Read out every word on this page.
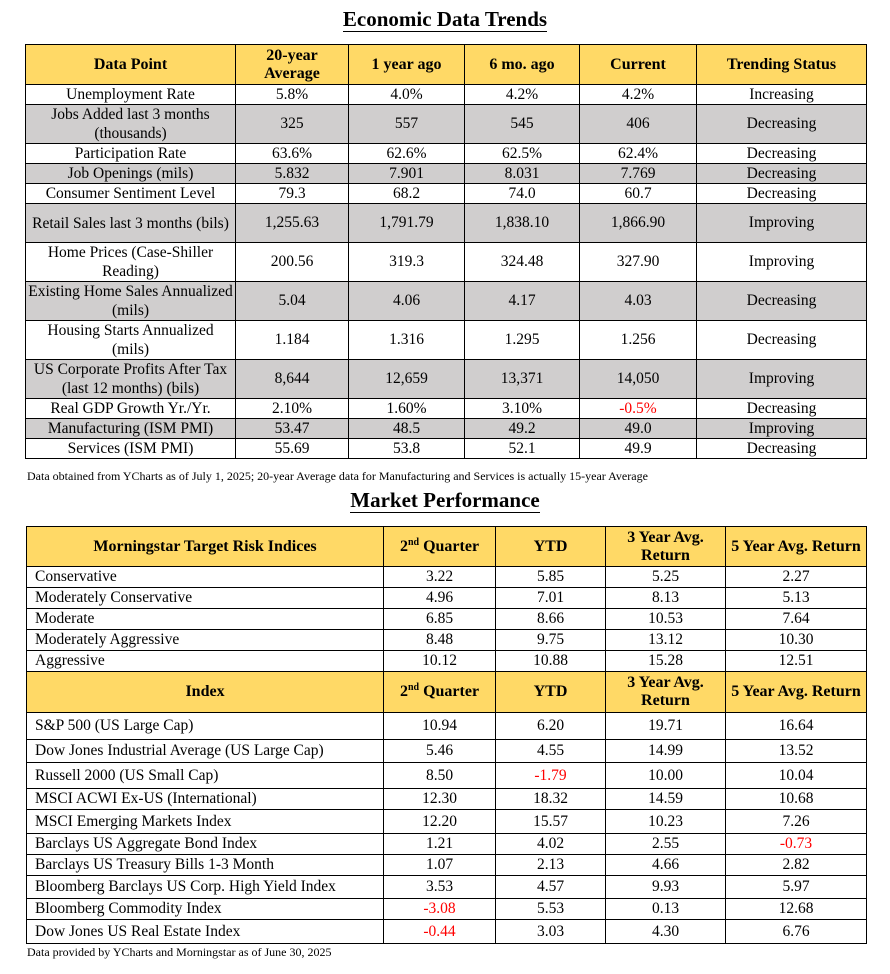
Economic Data Trends
Data Point	20-year Average	1 year ago	6 mo. ago	Current	Trending Status
Unemployment Rate	5.8%	4.0%	4.2%	4.2%	Increasing
Jobs Added last 3 months (thousands)	325	557	545	406	Decreasing
Participation Rate	63.6%	62.6%	62.5%	62.4%	Decreasing
Job Openings (mils)	5.832	7.901	8.031	7.769	Decreasing
Consumer Sentiment Level	79.3	68.2	74.0	60.7	Decreasing
Retail Sales last 3 months (bils)	1,255.63	1,791.79	1,838.10	1,866.90	Improving
Home Prices (Case-Shiller Reading)	200.56	319.3	324.48	327.90	Improving
Existing Home Sales Annualized (mils)	5.04	4.06	4.17	4.03	Decreasing
Housing Starts Annualized (mils)	1.184	1.316	1.295	1.256	Decreasing
US Corporate Profits After Tax (last 12 months) (bils)	8,644	12,659	13,371	14,050	Improving
Real GDP Growth Yr./Yr.	2.10%	1.60%	3.10%	-0.5%	Decreasing
Manufacturing (ISM PMI)	53.47	48.5	49.2	49.0	Improving
Services (ISM PMI)	55.69	53.8	52.1	49.9	Decreasing
Data obtained from YCharts as of July 1, 2025; 20-year Average data for Manufacturing and Services is actually 15-year Average
Market Performance
Morningstar Target Risk Indices	2nd Quarter	YTD	3 Year Avg. Return	5 Year Avg. Return
Conservative	3.22	5.85	5.25	2.27
Moderately Conservative	4.96	7.01	8.13	5.13
Moderate	6.85	8.66	10.53	7.64
Moderately Aggressive	8.48	9.75	13.12	10.30
Aggressive	10.12	10.88	15.28	12.51
Index	2nd Quarter	YTD	3 Year Avg. Return	5 Year Avg. Return
S&P 500 (US Large Cap)	10.94	6.20	19.71	16.64
Dow Jones Industrial Average (US Large Cap)	5.46	4.55	14.99	13.52
Russell 2000 (US Small Cap)	8.50	-1.79	10.00	10.04
MSCI ACWI Ex-US (International)	12.30	18.32	14.59	10.68
MSCI Emerging Markets Index	12.20	15.57	10.23	7.26
Barclays US Aggregate Bond Index	1.21	4.02	2.55	-0.73
Barclays US Treasury Bills 1-3 Month	1.07	2.13	4.66	2.82
Bloomberg Barclays US Corp. High Yield Index	3.53	4.57	9.93	5.97
Bloomberg Commodity Index	-3.08	5.53	0.13	12.68
Dow Jones US Real Estate Index	-0.44	3.03	4.30	6.76
Data provided by YCharts and Morningstar as of June 30, 2025
